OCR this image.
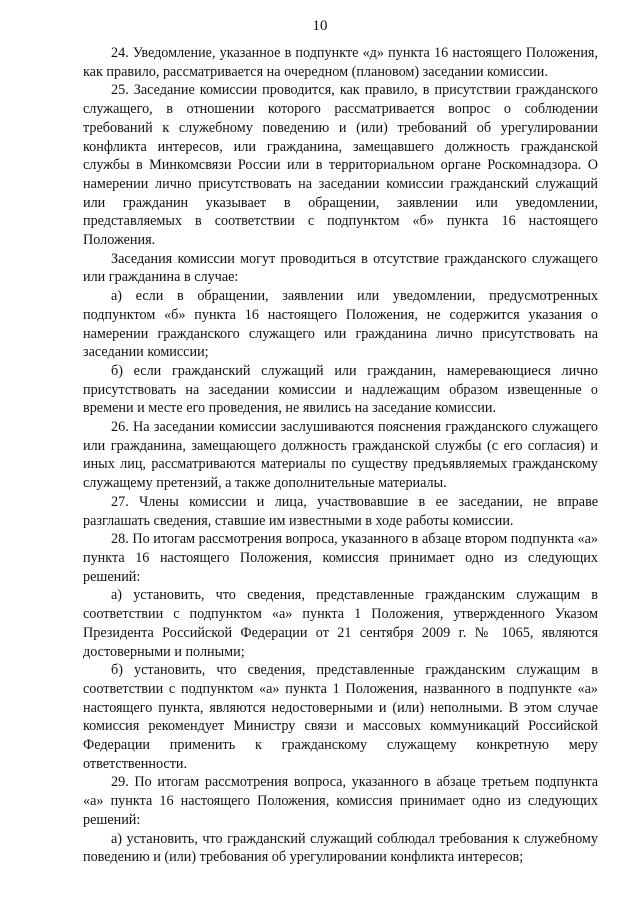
10

24. Уведомление, указанное в подпункте «д» пункта 16 настоящего Положения, как правило, рассматривается на очередном (плановом) заседании комиссии.

25. Заседание комиссии проводится, как правило, в присутствии гражданского служащего, в отношении которого рассматривается вопрос о соблюдении требований к служебному поведению и (или) требований об урегулировании конфликта интересов, или гражданина, замещавшего должность гражданской службы в Минкомсвязи России или в территориальном органе Роскомнадзора. О намерении лично присутствовать на заседании комиссии гражданский служащий или гражданин указывает в обращении, заявлении или уведомлении, представляемых в соответствии с подпунктом «б» пункта 16 настоящего Положения.

Заседания комиссии могут проводиться в отсутствие гражданского служащего или гражданина в случае:

а) если в обращении, заявлении или уведомлении, предусмотренных подпунктом «б» пункта 16 настоящего Положения, не содержится указания о намерении гражданского служащего или гражданина лично присутствовать на заседании комиссии;

б) если гражданский служащий или гражданин, намеревающиеся лично присутствовать на заседании комиссии и надлежащим образом извещенные о времени и месте его проведения, не явились на заседание комиссии.

26. На заседании комиссии заслушиваются пояснения гражданского служащего или гражданина, замещающего должность гражданской службы (с его согласия) и иных лиц, рассматриваются материалы по существу предъявляемых гражданскому служащему претензий, а также дополнительные материалы.

27. Члены комиссии и лица, участвовавшие в ее заседании, не вправе разглашать сведения, ставшие им известными в ходе работы комиссии.

28. По итогам рассмотрения вопроса, указанного в абзаце втором подпункта «а» пункта 16 настоящего Положения, комиссия принимает одно из следующих решений:

а) установить, что сведения, представленные гражданским служащим в соответствии с подпунктом «а» пункта 1 Положения, утвержденного Указом Президента Российской Федерации от 21 сентября 2009 г. № 1065, являются достоверными и полными;

б) установить, что сведения, представленные гражданским служащим в соответствии с подпунктом «а» пункта 1 Положения, названного в подпункте «а» настоящего пункта, являются недостоверными и (или) неполными. В этом случае комиссия рекомендует Министру связи и массовых коммуникаций Российской Федерации применить к гражданскому служащему конкретную меру ответственности.

29. По итогам рассмотрения вопроса, указанного в абзаце третьем подпункта «а» пункта 16 настоящего Положения, комиссия принимает одно из следующих решений:

а) установить, что гражданский служащий соблюдал требования к служебному поведению и (или) требования об урегулировании конфликта интересов;
